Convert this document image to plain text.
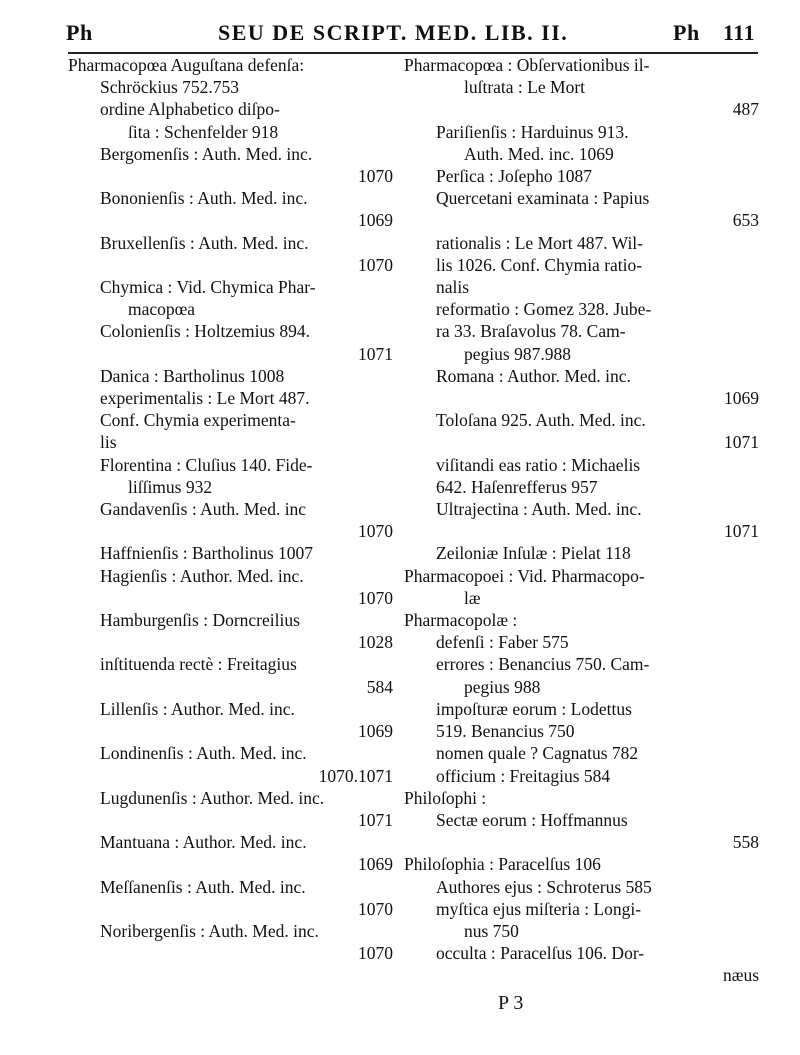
Ph	SEU DE SCRIPT. MED. LIB. II.	Ph 111
Pharmacopœa Auguſtana defenſa:
Schröckius 752.753
ordine Alphabetico diſpo-
ſita : Schenfelder 918
Bergomenſis : Auth. Med. inc.
1070
Bononienſis : Auth. Med. inc.
1069
Bruxellenſis : Auth. Med. inc.
1070
Chymica : Vid. Chymica Phar-
macopœa
Colonienſis : Holtzemius 894.
1071
Danica : Bartholinus 1008
experimentalis : Le Mort 487.
Conf. Chymia experimenta-
lis
Florentina : Cluſius 140. Fide-
liſſimus 932
Gandavenſis : Auth. Med. inc
1070
Haffnienſis : Bartholinus 1007
Hagienſis : Author. Med. inc.
1070
Hamburgenſis : Dorncreilius
1028
inſtituenda rectè : Freitagius
584
Lillenſis : Author. Med. inc.
1069
Londinenſis : Auth. Med. inc.
1070.1071
Lugdunenſis : Author. Med. inc.
1071
Mantuana : Author. Med. inc.
1069
Meſſanenſis : Auth. Med. inc.
1070
Noribergenſis : Auth. Med. inc.
1070
Pharmacopœa : Obſervationibus il-
luſtrata : Le Mort
487
Pariſienſis : Harduinus 913.
Auth. Med. inc. 1069
Perſica : Joſepho 1087
Quercetani examinata : Papius
653
rationalis : Le Mort 487. Wil-
lis 1026. Conf. Chymia ratio-
nalis
reformatio : Gomez 328. Jube-
ra 33. Braſavolus 78. Cam-
pegius 987.988
Romana : Author. Med. inc.
1069
Toloſana 925. Auth. Med. inc.
1071
viſitandi eas ratio : Michaelis
642. Haſenrefferus 957
Ultrajectina : Auth. Med. inc.
1071
Zeiloniæ Inſulæ : Pielat 118
Pharmacopoei : Vid. Pharmacopo-
læ
Pharmacopolæ :
defenſi : Faber 575
errores : Benancius 750. Cam-
pegius 988
impoſturæ eorum : Lodettus
519. Benancius 750
nomen quale ? Cagnatus 782
officium : Freitagius 584
Philoſophi :
Sectæ eorum : Hoffmannus
558
Philoſophia : Paracelſus 106
Authores ejus : Schroterus 585
myſtica ejus miſteria : Longi-
nus 750
occulta : Paracelſus 106. Dor-
næus
P 3
